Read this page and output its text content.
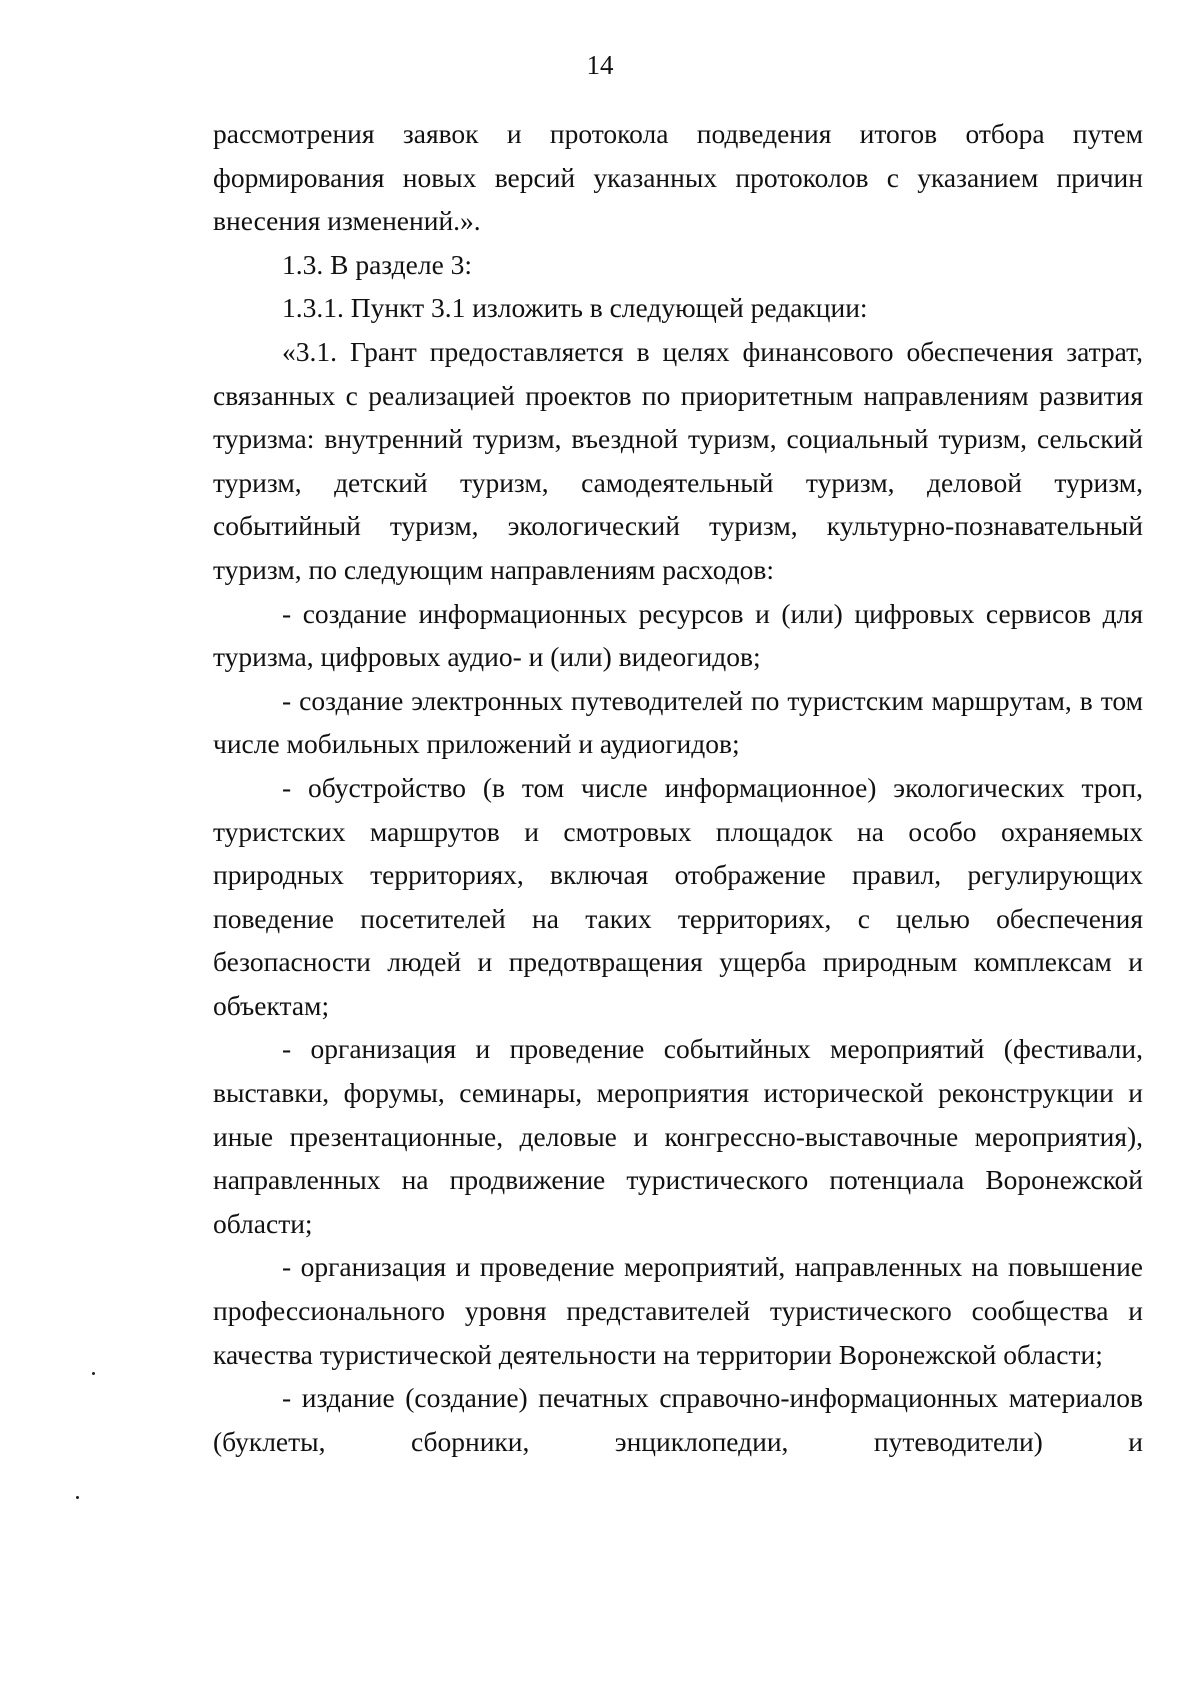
14

рассмотрения заявок и протокола подведения итогов отбора путем формирования новых версий указанных протоколов с указанием причин внесения изменений.».

1.3. В разделе 3:

1.3.1. Пункт 3.1 изложить в следующей редакции:

«3.1. Грант предоставляется в целях финансового обеспечения затрат, связанных с реализацией проектов по приоритетным направлениям развития туризма: внутренний туризм, въездной туризм, социальный туризм, сельский туризм, детский туризм, самодеятельный туризм, деловой туризм, событийный туризм, экологический туризм, культурно-познавательный туризм, по следующим направлениям расходов:

- создание информационных ресурсов и (или) цифровых сервисов для туризма, цифровых аудио- и (или) видеогидов;

- создание электронных путеводителей по туристским маршрутам, в том числе мобильных приложений и аудиогидов;

- обустройство (в том числе информационное) экологических троп, туристских маршрутов и смотровых площадок на особо охраняемых природных территориях, включая отображение правил, регулирующих поведение посетителей на таких территориях, с целью обеспечения безопасности людей и предотвращения ущерба природным комплексам и объектам;

- организация и проведение событийных мероприятий (фестивали, выставки, форумы, семинары, мероприятия исторической реконструкции и иные презентационные, деловые и конгрессно-выставочные мероприятия), направленных на продвижение туристического потенциала Воронежской области;

- организация и проведение мероприятий, направленных на повышение профессионального уровня представителей туристического сообщества и качества туристической деятельности на территории Воронежской области;

- издание (создание) печатных справочно-информационных материалов (буклеты, сборники, энциклопедии, путеводители) и
